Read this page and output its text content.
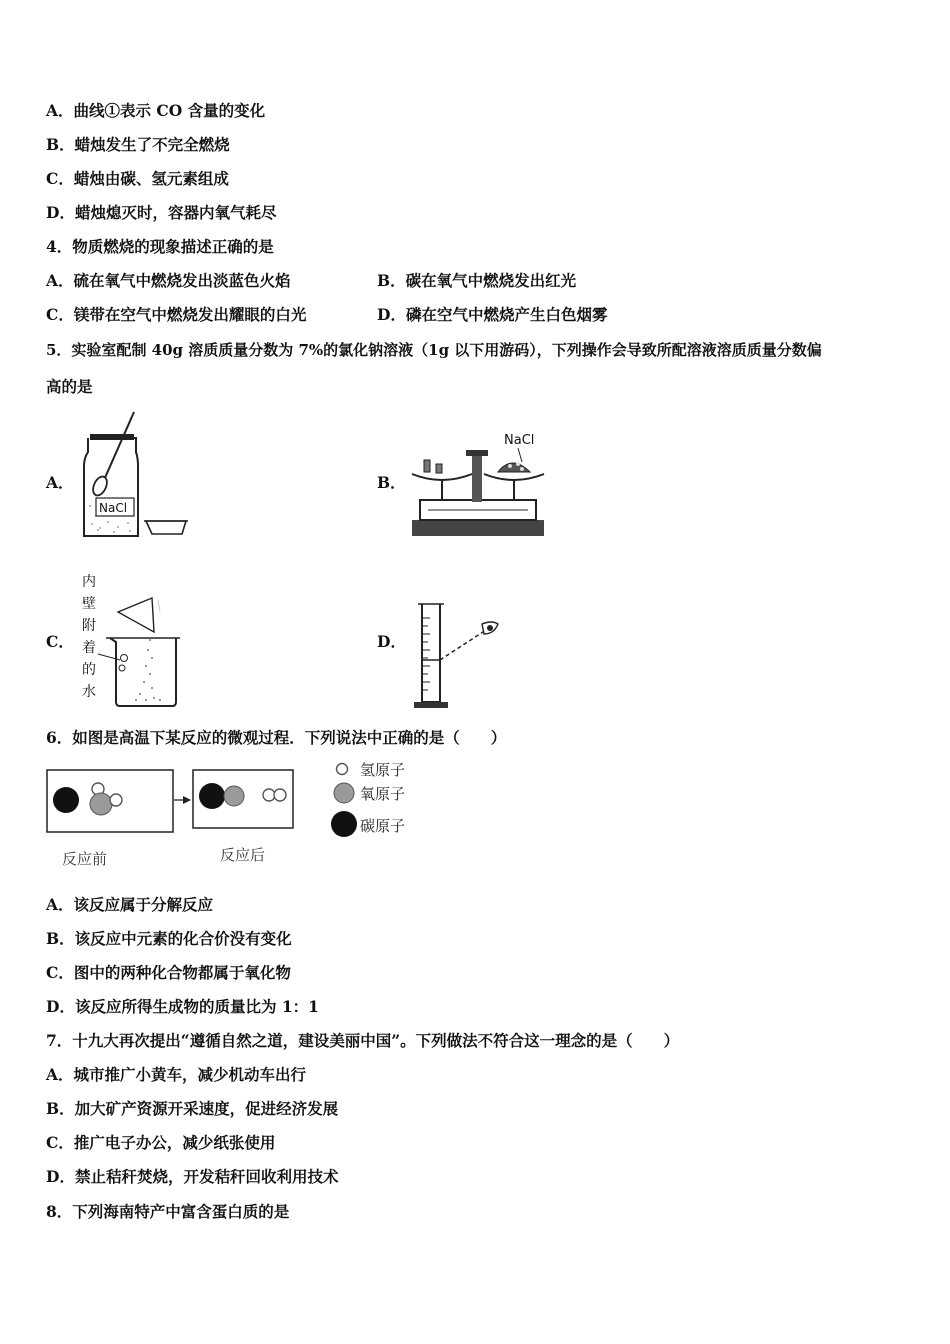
A．曲线①表示 CO 含量的变化
B．蜡烛发生了不完全燃烧
C．蜡烛由碳、氢元素组成
D．蜡烛熄灭时，容器内氧气耗尽
4．物质燃烧的现象描述正确的是
A．硫在氧气中燃烧发出淡蓝色火焰	B．碳在氧气中燃烧发出红光
C．镁带在空气中燃烧发出耀眼的白光	D．磷在空气中燃烧产生白色烟雾
5．实验室配制 40g 溶质质量分数为 7%的氯化钠溶液（1g 以下用游码），下列操作会导致所配溶液溶质质量分数偏
高的是
A．	B．
C．	D．
NaCl
NaCl
内
壁
附
着
的
水
6．如图是高温下某反应的微观过程．下列说法中正确的是（　　）
反应前	反应后
氢原子
氧原子
碳原子
A．该反应属于分解反应
B．该反应中元素的化合价没有变化
C．图中的两种化合物都属于氧化物
D．该反应所得生成物的质量比为 1：1
7．十九大再次提出“遵循自然之道，建设美丽中国”。下列做法不符合这一理念的是（　　）
A．城市推广小黄车，减少机动车出行
B．加大矿产资源开采速度，促进经济发展
C．推广电子办公，减少纸张使用
D．禁止秸秆焚烧，开发秸秆回收利用技术
8．下列海南特产中富含蛋白质的是
